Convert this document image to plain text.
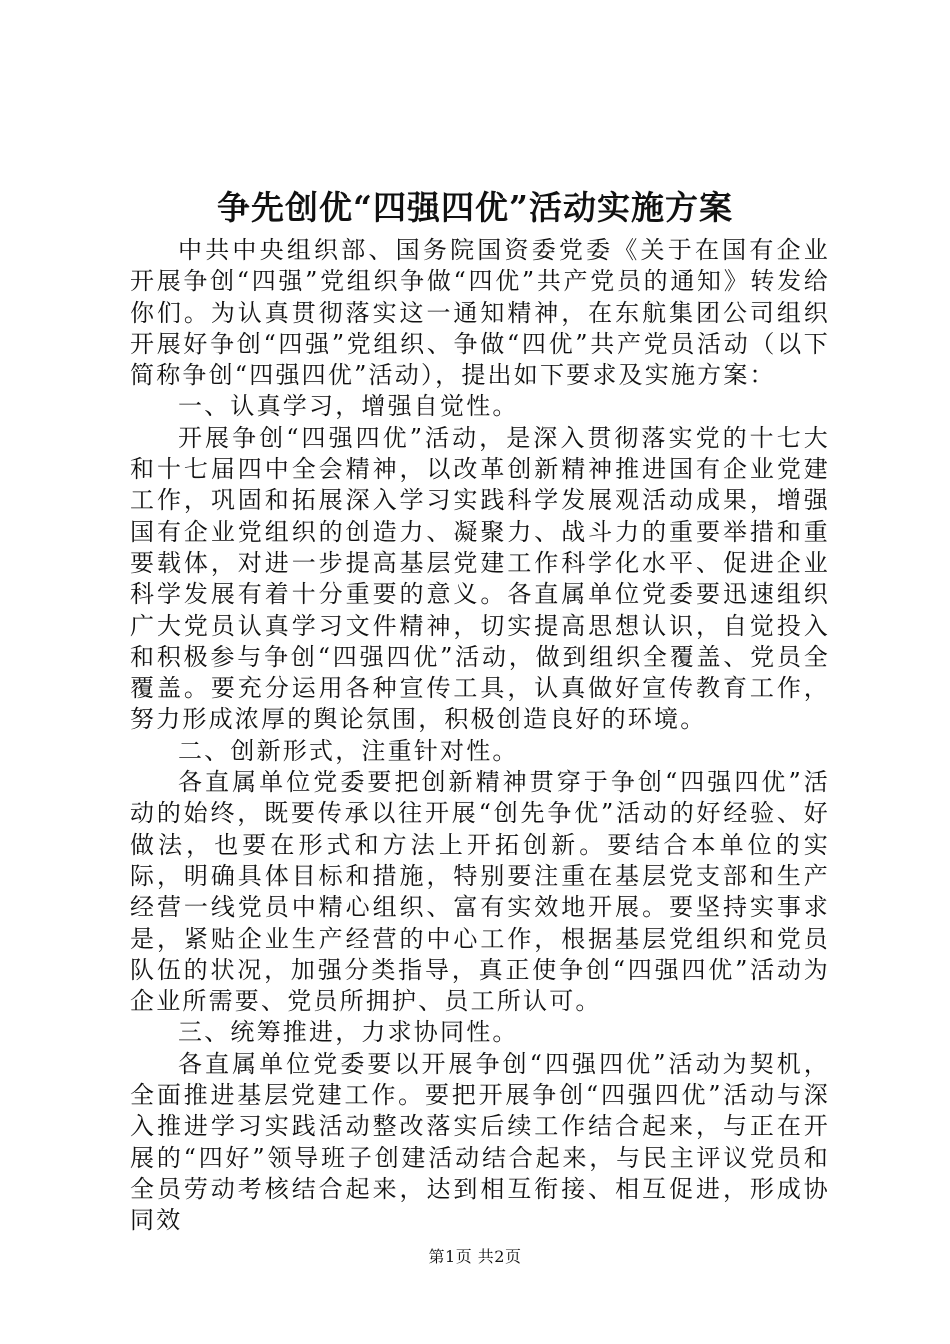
争先创优“四强四优”活动实施方案

中共中央组织部、国务院国资委党委《关于在国有企业开展争创“四强”党组织争做“四优”共产党员的通知》转发给你们。为认真贯彻落实这一通知精神，在东航集团公司组织开展好争创“四强”党组织、争做“四优”共产党员活动（以下简称争创“四强四优”活动），提出如下要求及实施方案：

一、认真学习，增强自觉性。

开展争创“四强四优”活动，是深入贯彻落实党的十七大和十七届四中全会精神，以改革创新精神推进国有企业党建工作，巩固和拓展深入学习实践科学发展观活动成果，增强国有企业党组织的创造力、凝聚力、战斗力的重要举措和重要载体，对进一步提高基层党建工作科学化水平、促进企业科学发展有着十分重要的意义。各直属单位党委要迅速组织广大党员认真学习文件精神，切实提高思想认识，自觉投入和积极参与争创“四强四优”活动，做到组织全覆盖、党员全覆盖。要充分运用各种宣传工具，认真做好宣传教育工作，努力形成浓厚的舆论氛围，积极创造良好的环境。

二、创新形式，注重针对性。

各直属单位党委要把创新精神贯穿于争创“四强四优”活动的始终，既要传承以往开展“创先争优”活动的好经验、好做法，也要在形式和方法上开拓创新。要结合本单位的实际，明确具体目标和措施，特别要注重在基层党支部和生产经营一线党员中精心组织、富有实效地开展。要坚持实事求是，紧贴企业生产经营的中心工作，根据基层党组织和党员队伍的状况，加强分类指导，真正使争创“四强四优”活动为企业所需要、党员所拥护、员工所认可。

三、统筹推进，力求协同性。

各直属单位党委要以开展争创“四强四优”活动为契机，全面推进基层党建工作。要把开展争创“四强四优”活动与深入推进学习实践活动整改落实后续工作结合起来，与正在开展的“四好”领导班子创建活动结合起来，与民主评议党员和全员劳动考核结合起来，达到相互衔接、相互促进，形成协同效

第1页 共2页
